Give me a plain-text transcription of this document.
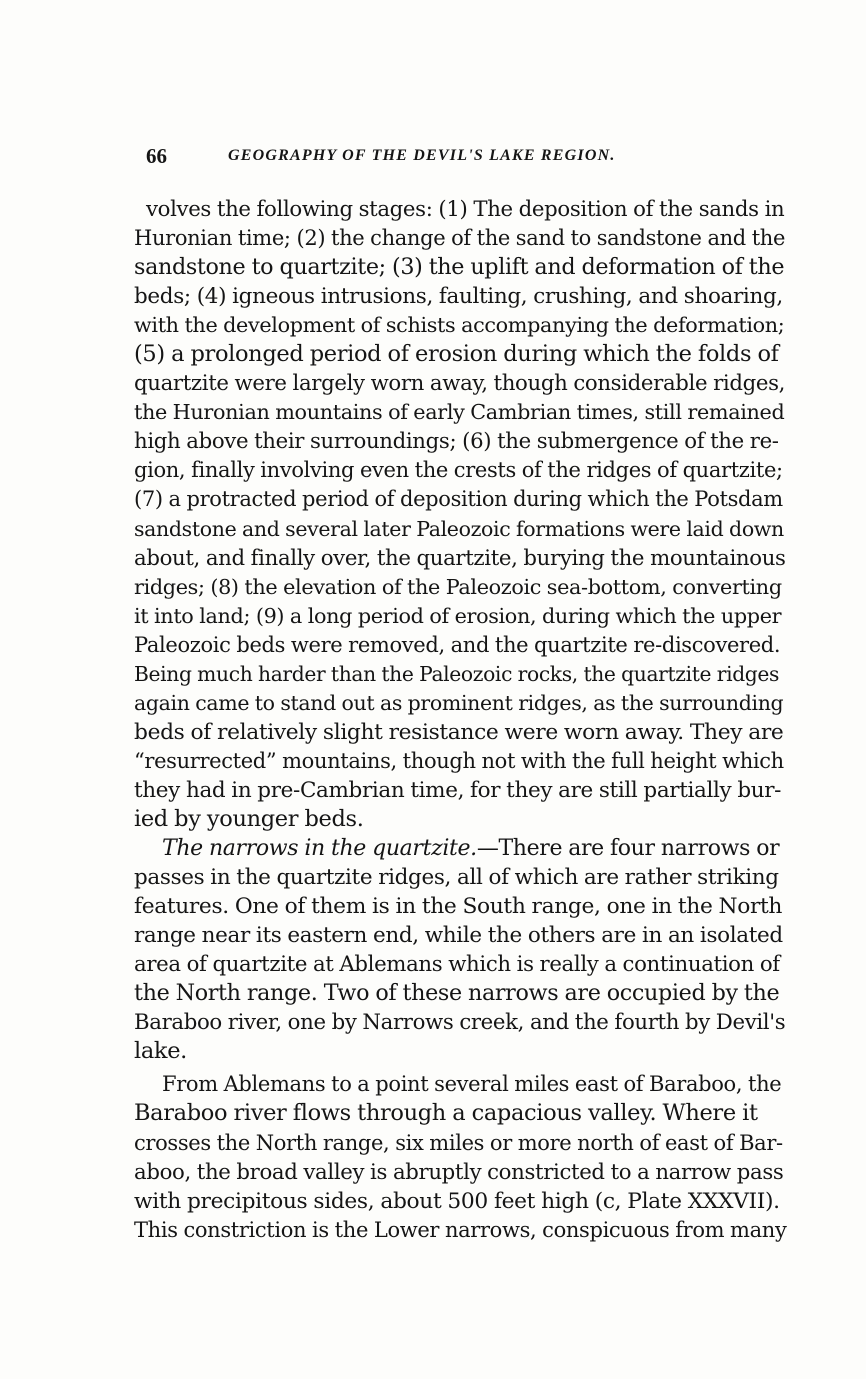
66	GEOGRAPHY OF THE DEVIL'S LAKE REGION.
volves the following stages: (1) The deposition of the sands in
Huronian time; (2) the change of the sand to sandstone and the
sandstone to quartzite; (3) the uplift and deformation of the
beds; (4) igneous intrusions, faulting, crushing, and shoaring,
with the development of schists accompanying the deformation;
(5) a prolonged period of erosion during which the folds of
quartzite were largely worn away, though considerable ridges,
the Huronian mountains of early Cambrian times, still remained
high above their surroundings; (6) the submergence of the re-
gion, finally involving even the crests of the ridges of quartzite;
(7) a protracted period of deposition during which the Potsdam
sandstone and several later Paleozoic formations were laid down
about, and finally over, the quartzite, burying the mountainous
ridges; (8) the elevation of the Paleozoic sea-bottom, converting
it into land; (9) a long period of erosion, during which the upper
Paleozoic beds were removed, and the quartzite re-discovered.
Being much harder than the Paleozoic rocks, the quartzite ridges
again came to stand out as prominent ridges, as the surrounding
beds of relatively slight resistance were worn away. They are
“resurrected” mountains, though not with the full height which
they had in pre-Cambrian time, for they are still partially bur-
ied by younger beds.
The narrows in the quartzite.—There are four narrows or
passes in the quartzite ridges, all of which are rather striking
features. One of them is in the South range, one in the North
range near its eastern end, while the others are in an isolated
area of quartzite at Ablemans which is really a continuation of
the North range. Two of these narrows are occupied by the
Baraboo river, one by Narrows creek, and the fourth by Devil's
lake.
From Ablemans to a point several miles east of Baraboo, the
Baraboo river flows through a capacious valley. Where it
crosses the North range, six miles or more north of east of Bar-
aboo, the broad valley is abruptly constricted to a narrow pass
with precipitous sides, about 500 feet high (c, Plate XXXVII).
This constriction is the Lower narrows, conspicuous from many
